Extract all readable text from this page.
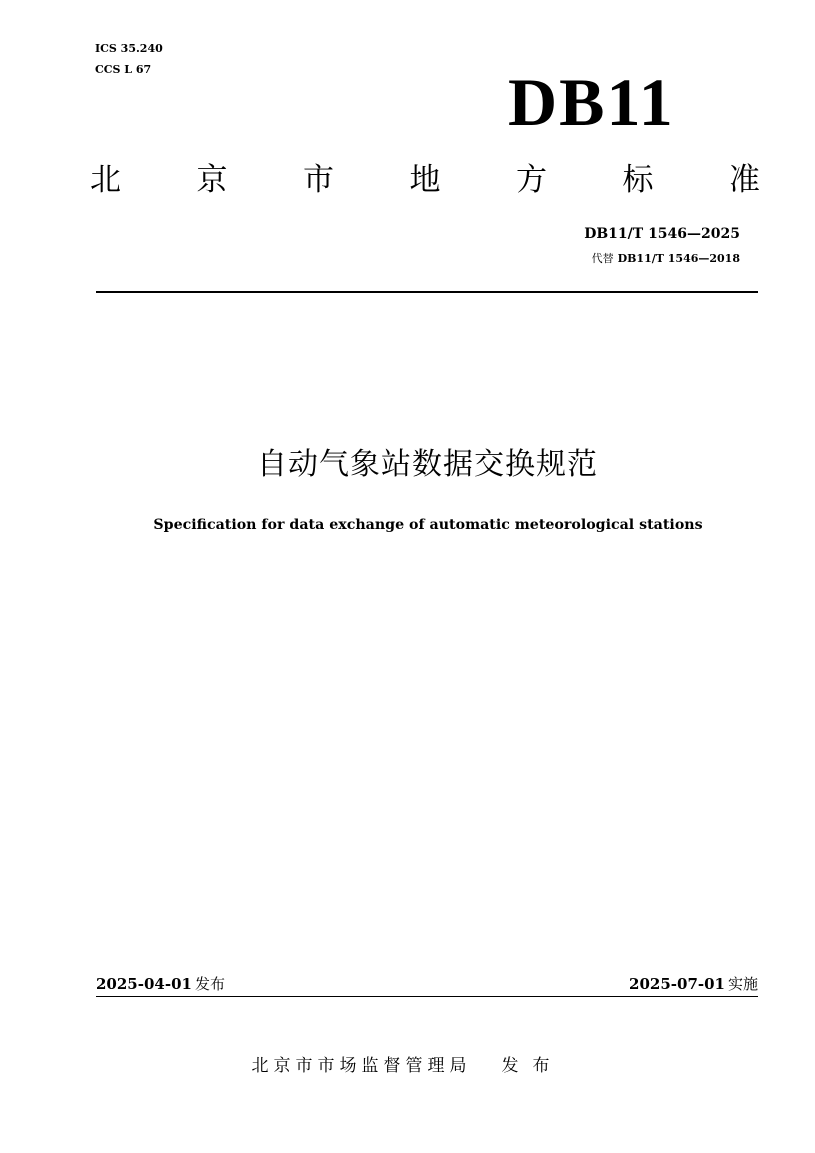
ICS 35.240
CCS L 67	DB11
北 京 市 地 方 标 准
DB11/T 1546—2025
代替 DB11/T 1546—2018
自动气象站数据交换规范
Specification for data exchange of automatic meteorological stations
2025-04-01 发布	2025-07-01 实施
北京市市场监督管理局 发布
